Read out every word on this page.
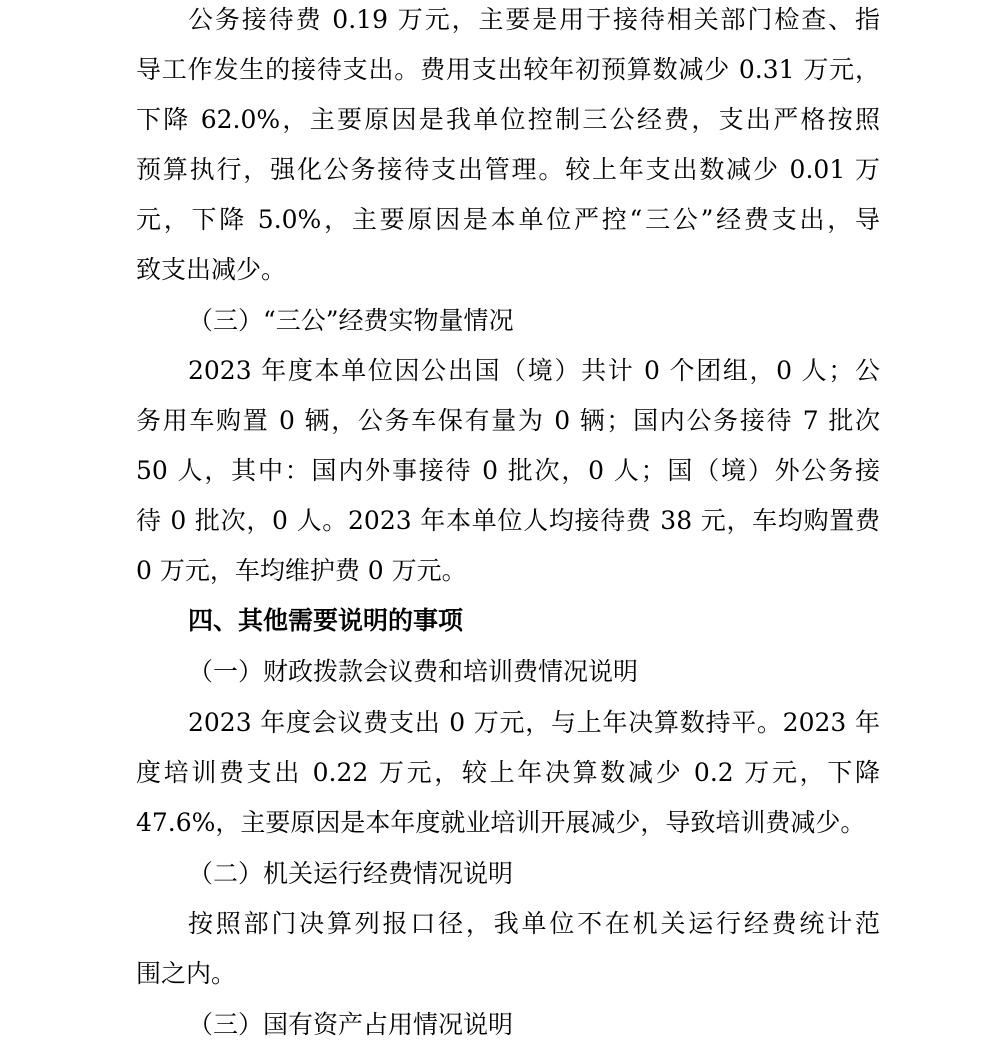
公务接待费 0.19 万元，主要是用于接待相关部门检查、指
导工作发生的接待支出。费用支出较年初预算数减少 0.31 万元，
下降 62.0%，主要原因是我单位控制三公经费，支出严格按照
预算执行，强化公务接待支出管理。较上年支出数减少 0.01 万
元，下降 5.0%，主要原因是本单位严控“三公”经费支出，导
致支出减少。
（三）“三公”经费实物量情况
2023 年度本单位因公出国（境）共计 0 个团组，0 人；公
务用车购置 0 辆，公务车保有量为 0 辆；国内公务接待 7 批次
50 人，其中：国内外事接待 0 批次，0 人；国（境）外公务接
待 0 批次，0 人。2023 年本单位人均接待费 38 元，车均购置费
0 万元，车均维护费 0 万元。
四、其他需要说明的事项
（一）财政拨款会议费和培训费情况说明
2023 年度会议费支出 0 万元，与上年决算数持平。2023 年
度培训费支出 0.22 万元，较上年决算数减少 0.2 万元，下降
47.6%，主要原因是本年度就业培训开展减少，导致培训费减少。
（二）机关运行经费情况说明
按照部门决算列报口径，我单位不在机关运行经费统计范
围之内。
（三）国有资产占用情况说明
